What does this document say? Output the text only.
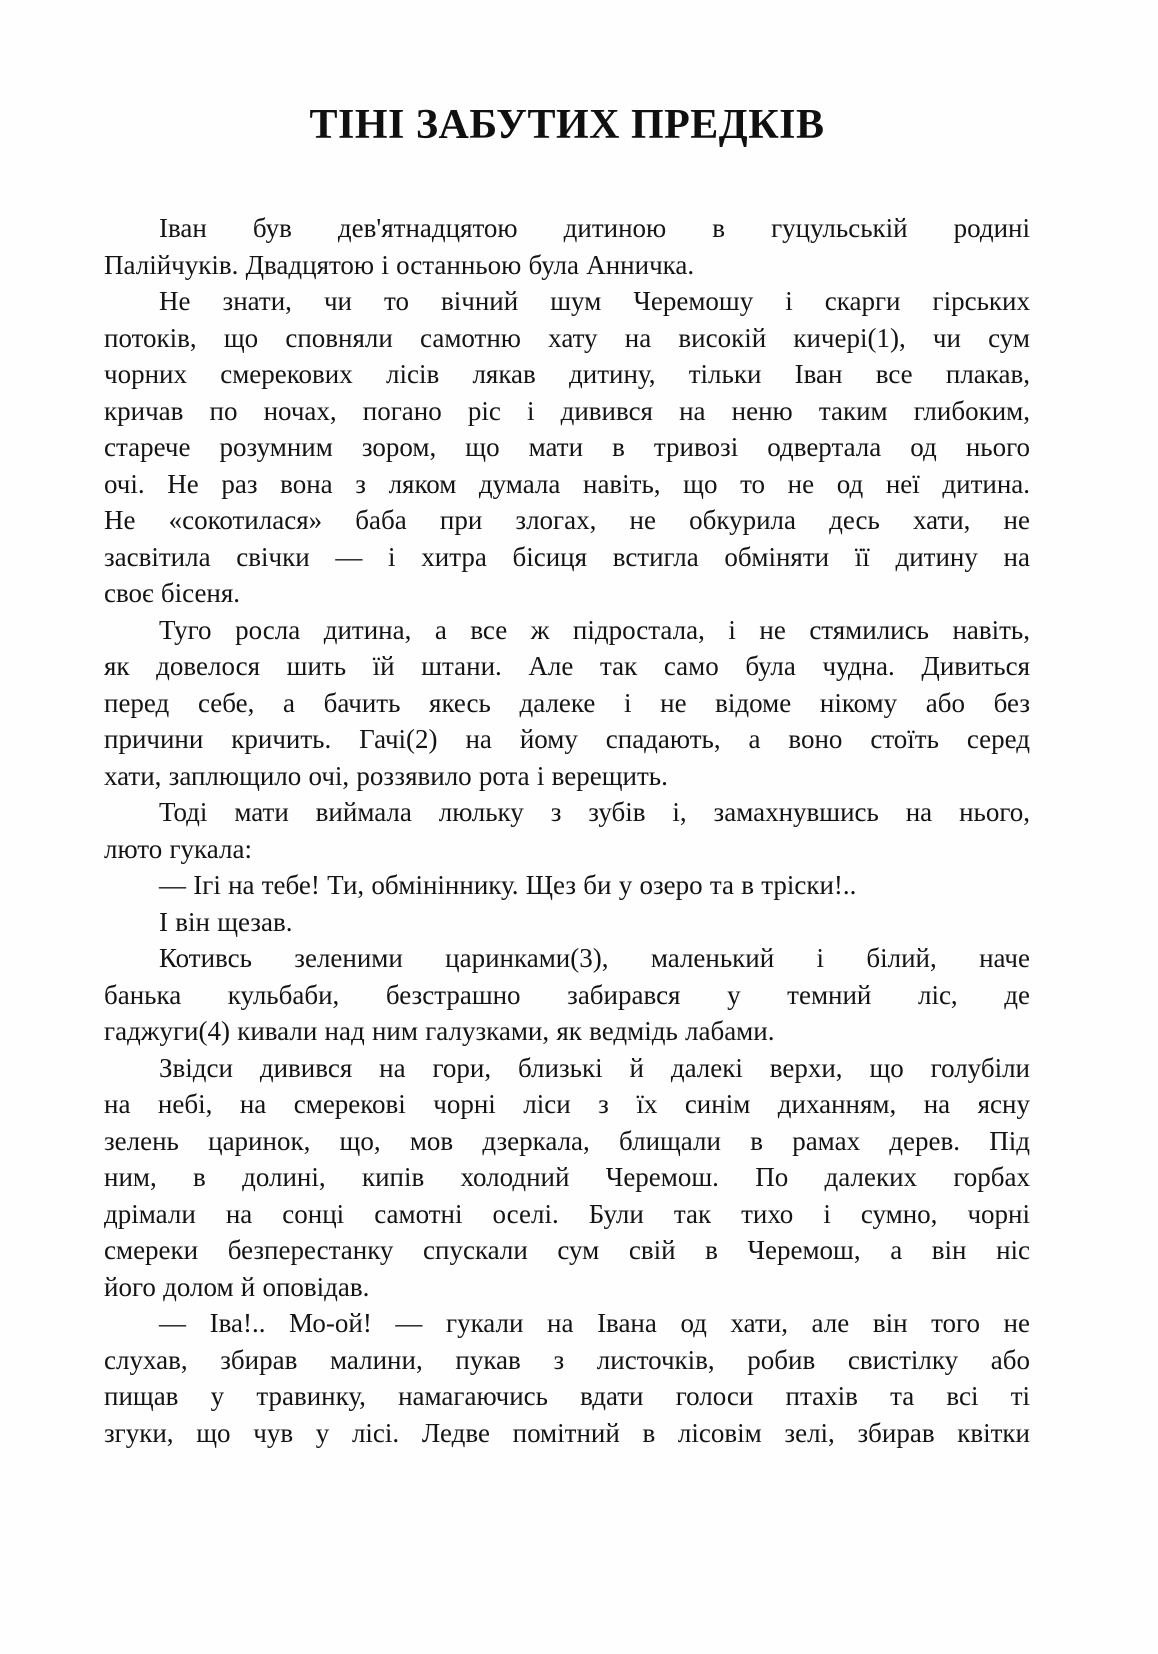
ТІНІ ЗАБУТИХ ПРЕДКІВ
Іван був дев'ятнадцятою дитиною в гуцульській родині
Палійчуків. Двадцятою і останньою була Анничка.
Не знати, чи то вічний шум Черемошу і скарги гірських
потоків, що сповняли самотню хату на високій кичері(1), чи сум
чорних смерекових лісів лякав дитину, тільки Іван все плакав,
кричав по ночах, погано ріс і дивився на неню таким глибоким,
старече розумним зором, що мати в тривозі одвертала од нього
очі. Не раз вона з ляком думала навіть, що то не од неї дитина.
Не «сокотилася» баба при злогах, не обкурила десь хати, не
засвітила свічки — і хитра бісиця встигла обміняти її дитину на
своє бісеня.
Туго росла дитина, а все ж підростала, і не стямились навіть,
як довелося шить їй штани. Але так само була чудна. Дивиться
перед себе, а бачить якесь далеке і не відоме нікому або без
причини кричить. Гачі(2) на йому спадають, а воно стоїть серед
хати, заплющило очі, роззявило рота і верещить.
Тоді мати виймала люльку з зубів і, замахнувшись на нього,
люто гукала:
— Ігі на тебе! Ти, обмініннику. Щез би у озеро та в тріски!..
І він щезав.
Котивсь зеленими царинками(3), маленький і білий, наче
банька кульбаби, безстрашно забирався у темний ліс, де
гаджуги(4) кивали над ним галузками, як ведмідь лабами.
Звідси дивився на гори, близькі й далекі верхи, що голубіли
на небі, на смерекові чорні ліси з їх синім диханням, на ясну
зелень царинок, що, мов дзеркала, блищали в рамах дерев. Під
ним, в долині, кипів холодний Черемош. По далеких горбах
дрімали на сонці самотні оселі. Були так тихо і сумно, чорні
смереки безперестанку спускали сум свій в Черемош, а він ніс
його долом й оповідав.
— Іва!.. Мо-ой! — гукали на Івана од хати, але він того не
слухав, збирав малини, пукав з листочків, робив свистілку або
пищав у травинку, намагаючись вдати голоси птахів та всі ті
згуки, що чув у лісі. Ледве помітний в лісовім зелі, збирав квітки
